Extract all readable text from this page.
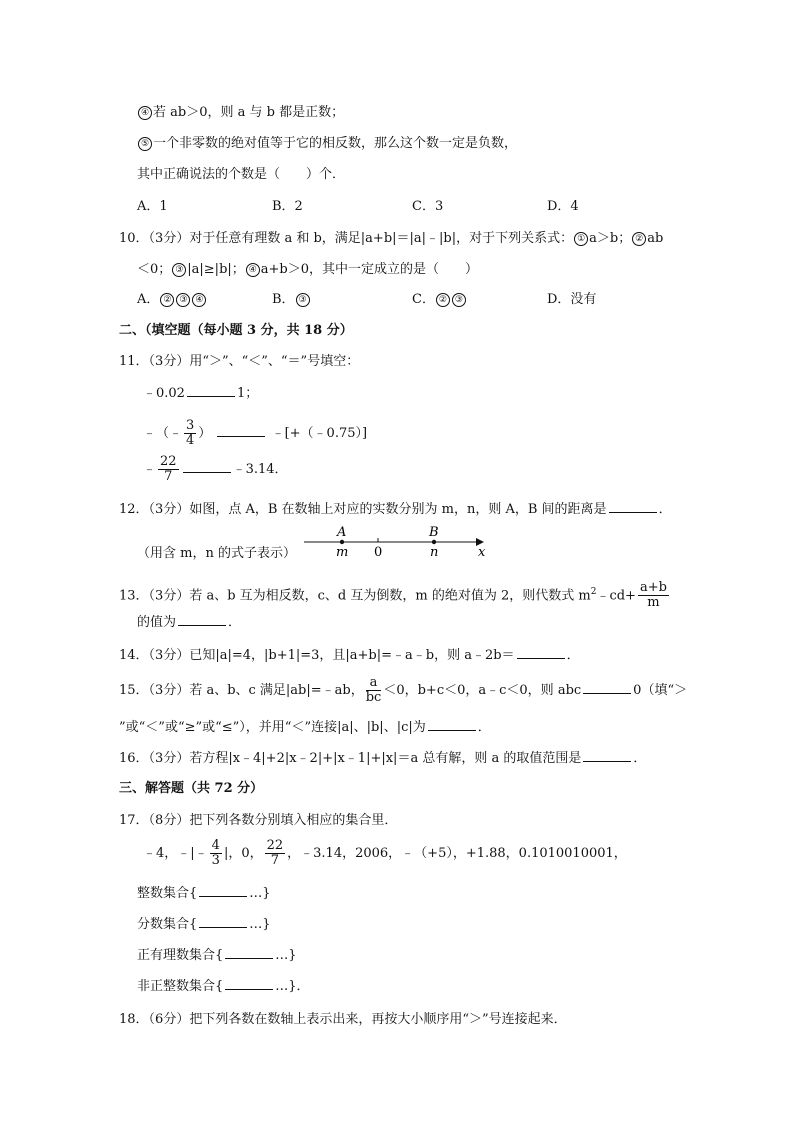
④ 若 ab＞0，则 a 与 b 都是正数；
⑤ 一个非零数的绝对值等于它的相反数，那么这个数一定是负数，
其中正确说法的个数是（　　）个．
A．1	B．2	C．3	D．4
10．（3分）对于任意有理数 a 和 b，满足|a+b|＝|a|﹣|b|，对于下列关系式： ① a＞b； ② ab
＜0； ③ |a|≥|b|； ④ a+b＞0，其中一定成立的是（　　）
A． ② ③ ④	B． ③	C． ② ③	D．没有
二、（填空题（每小题 3 分，共 18 分）
11．（3分）用“＞”、“＜”、“＝”号填空：
﹣0.02	1；
﹣（﹣ $\frac{3}{4}$ ）	﹣[+（﹣0.75）]
﹣ $\frac{22}{7}$	﹣3.14．
12．（3分）如图，点 A，B 在数轴上对应的实数分别为 m，n，则 A，B 间的距离是	．
（用含 m，n 的式子表示）
A	B
m 0	n	x
13．（3分）若 a、b 互为相反数，c、d 互为倒数，m 的绝对值为 2，则代数式 $m^2﹣cd+ \frac{a+b}{m}$
的值为	．
14．（3分）已知|a|=4，|b+1|=3，且|a+b|=﹣a﹣b，则 a﹣2b＝	．
15．（3分）若 a、b、c 满足|ab|=﹣ab， $\frac{a}{bc} <0$，b+c＜0，a﹣c＜0，则 abc	0（填“＞
”或“＜”或“≥”或“≤”），并用“＜”连接|a|、|b|、|c|为	．
16．（3分）若方程|x﹣4|+2|x﹣2|+|x﹣1|+|x|＝a 总有解，则 a 的取值范围是	．
三、解答题（共 72 分）
17．（8分）把下列各数分别填入相应的集合里．
﹣4，﹣|﹣ $\frac{4}{3}$ |，0， $\frac{22}{7}$ ，﹣3.14，2006，﹣（+5），+1.88，0.1010010001，
整数集合{	…}
分数集合{	…}
正有理数集合{	…}
非正整数集合{	…}．
18．（6分）把下列各数在数轴上表示出来，再按大小顺序用“＞”号连接起来．
